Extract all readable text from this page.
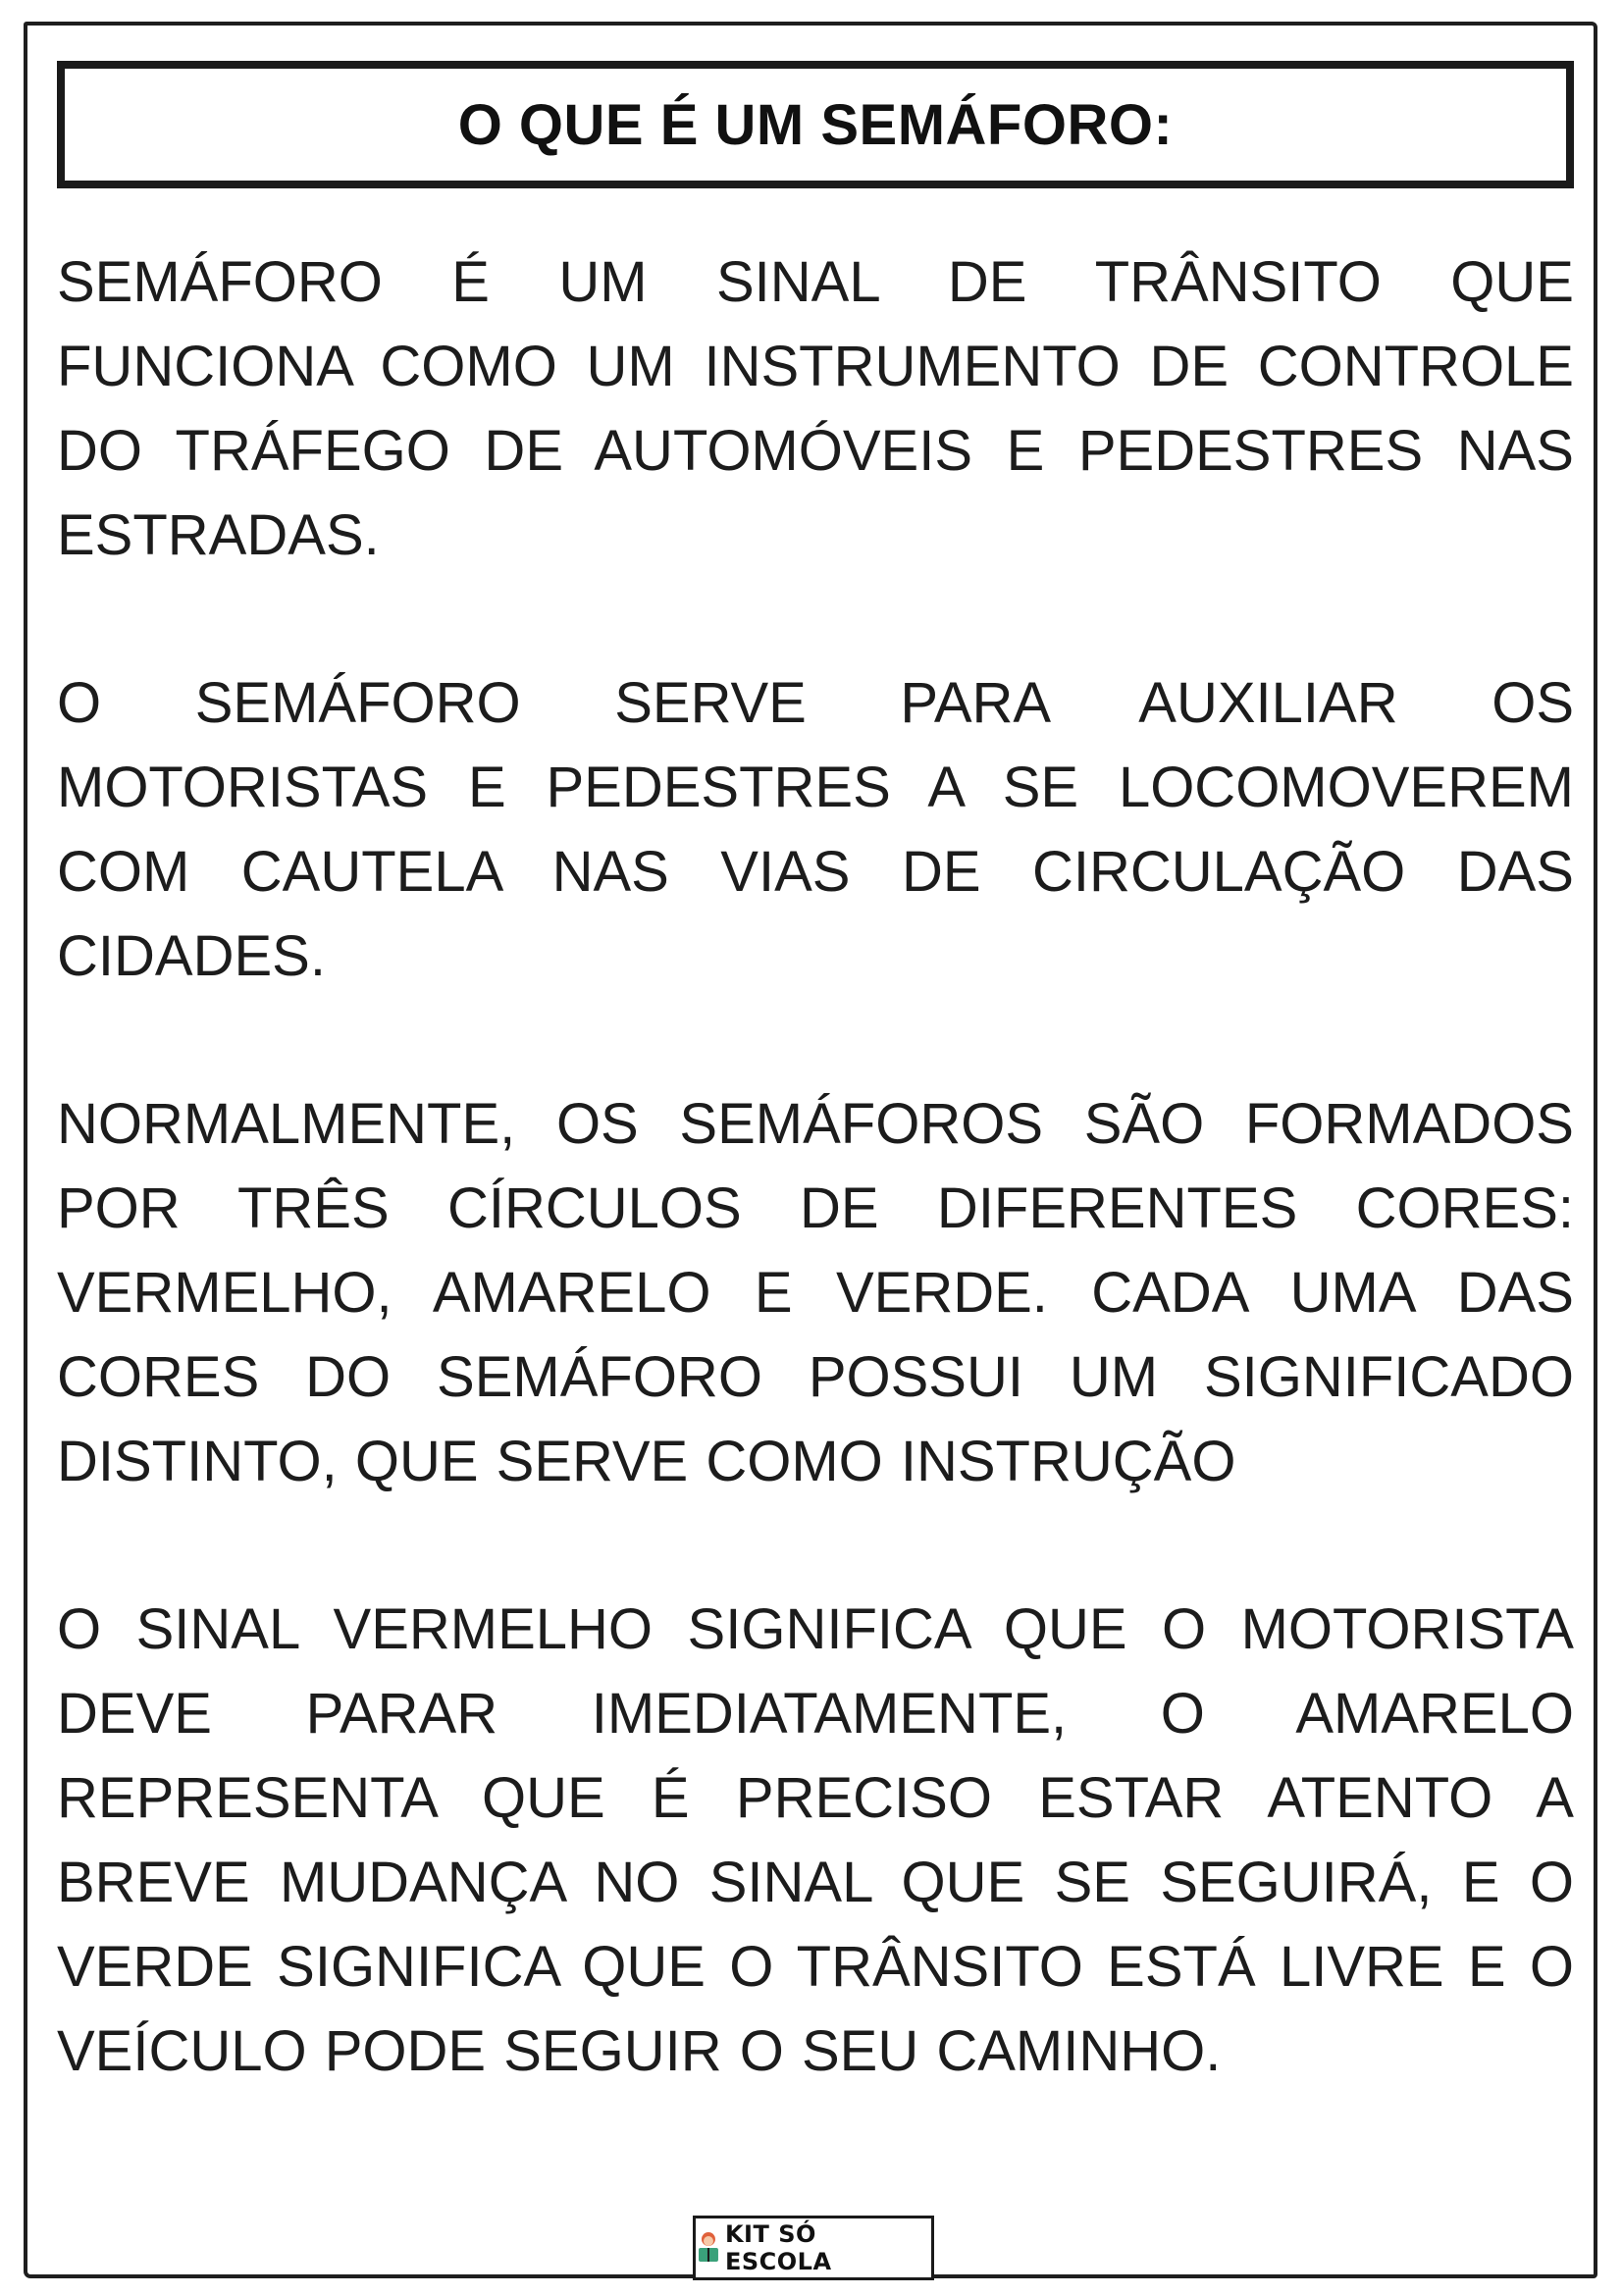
O QUE É UM SEMÁFORO:

SEMÁFORO É UM SINAL DE TRÂNSITO QUE FUNCIONA COMO UM INSTRUMENTO DE CONTROLE DO TRÁFEGO DE AUTOMÓVEIS E PEDESTRES NAS ESTRADAS.

O SEMÁFORO SERVE PARA AUXILIAR OS MOTORISTAS E PEDESTRES A SE LOCOMOVEREM COM CAUTELA NAS VIAS DE CIRCULAÇÃO DAS CIDADES.

NORMALMENTE, OS SEMÁFOROS SÃO FORMADOS POR TRÊS CÍRCULOS DE DIFERENTES CORES: VERMELHO, AMARELO E VERDE. CADA UMA DAS CORES DO SEMÁFORO POSSUI UM SIGNIFICADO DISTINTO, QUE SERVE COMO INSTRUÇÃO

O SINAL VERMELHO SIGNIFICA QUE O MOTORISTA DEVE PARAR IMEDIATAMENTE, O AMARELO REPRESENTA QUE É PRECISO ESTAR ATENTO A BREVE MUDANÇA NO SINAL QUE SE SEGUIRÁ, E O VERDE SIGNIFICA QUE O TRÂNSITO ESTÁ LIVRE E O VEÍCULO PODE SEGUIR O SEU CAMINHO.

KIT SÓ ESCOLA
